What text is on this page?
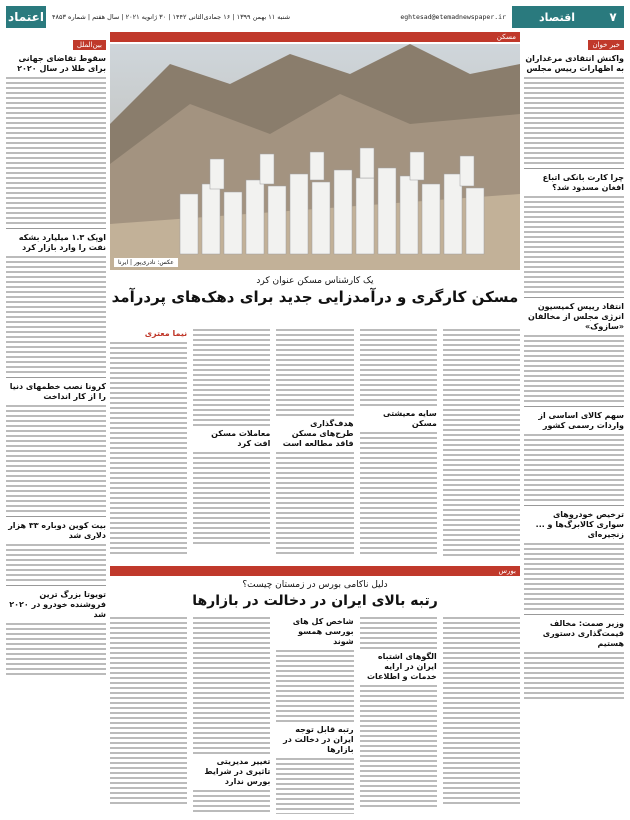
۷
اقتصاد
eghtesad@etemadnewspaper.ir
شنبه ۱۱ بهمن ۱۳۹۹ | ۱۶ جمادی‌الثانی ۱۴۴۲ | ۳۰ ژانویه ۲۰۲۱ | سال هفتم | شماره ۴۸۵۳
اعتماد
خبر خوان
واکنش انتقادی مرغداران به اظهارات رییس مجلس
چرا کارت بانکی اتباع افغان مسدود شد؟
انتقاد رییس کمیسیون انرژی مجلس از مخالفان «سازوک»
سهم کالای اساسی از واردات رسمی کشور
ترخیص خودروهای سواری کالابرگ‌ها و ... زنجیره‌ای
وزیر صمت: مخالف قیمت‌گذاری دستوری هستیم
بین‌الملل
سقوط تقاضای جهانی برای طلا در سال ۲۰۲۰
اوپک ۱.۳ میلیارد بشکه نفت را وارد بازار کرد
کرونا نصب خطمهای دنیا را از کار انداخت
بیت کوین دوباره ۳۳ هزار دلاری شد
تویوتا بزرگ ترین فروشنده خودرو در ۲۰۲۰ شد
مسکن
عکس: نادری‌پور | ایرنا
یک کارشناس مسکن عنوان کرد
مسکن کارگری و درآمدزایی جدید برای دهک‌های پردرآمد
سایه معیشتی مسکن
هدف‌گذاری طرح‌های مسکن فاقد مطالعه است
معاملات مسکن افت کرد
نیما معتری
بورس
دلیل ناکامی بورس در زمستان چیست؟
رتبه بالای ایران در دخالت در بازارها
الگوهای اشتباه ایران در ارایه خدمات و اطلاعات
شاخص کل های بورسی همسو شوند
رتبه قابل توجه ایران در دخالت در بازارها
تغییر مدیریتی تاثیری در شرایط بورس ندارد
